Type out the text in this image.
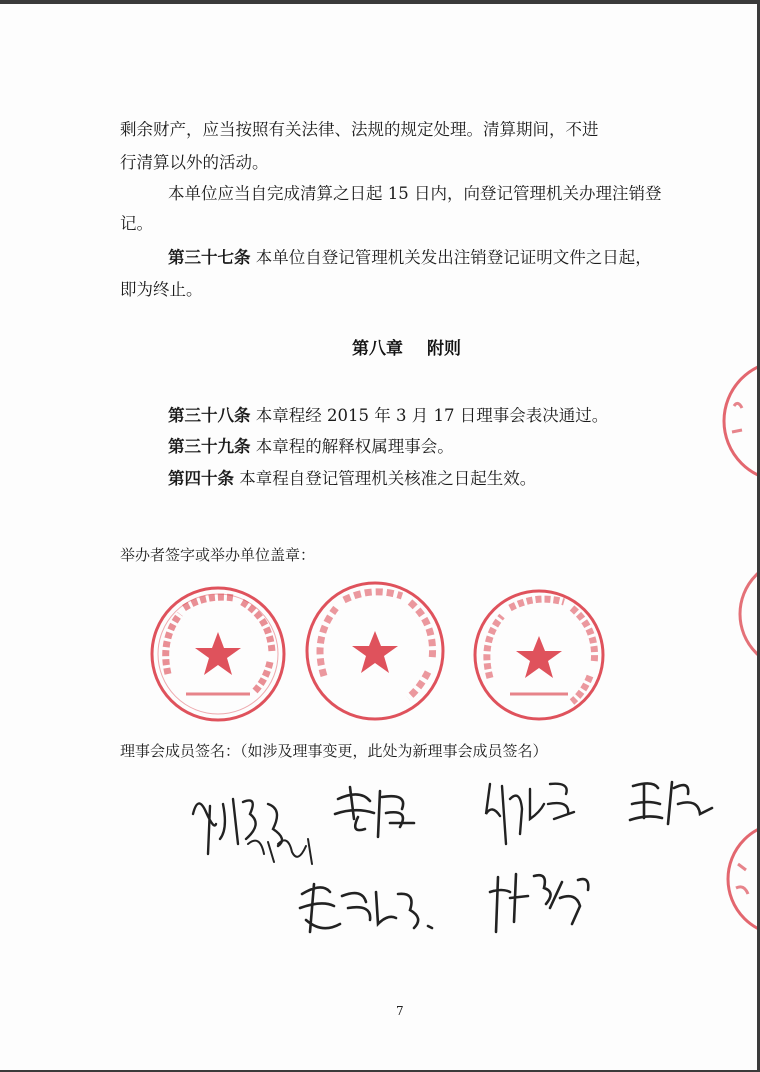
剩余财产，应当按照有关法律、法规的规定处理。清算期间，不进
行清算以外的活动。
本单位应当自完成清算之日起 15 日内，向登记管理机关办理注销登
记。
第三十七条 本单位自登记管理机关发出注销登记证明文件之日起，
即为终止。
第八章 附则
第三十八条 本章程经 2015 年 3 月 17 日理事会表决通过。
第三十九条 本章程的解释权属理事会。
第四十条 本章程自登记管理机关核准之日起生效。
举办者签字或举办单位盖章：
理事会成员签名：（如涉及理事变更，此处为新理事会成员签名）
7
